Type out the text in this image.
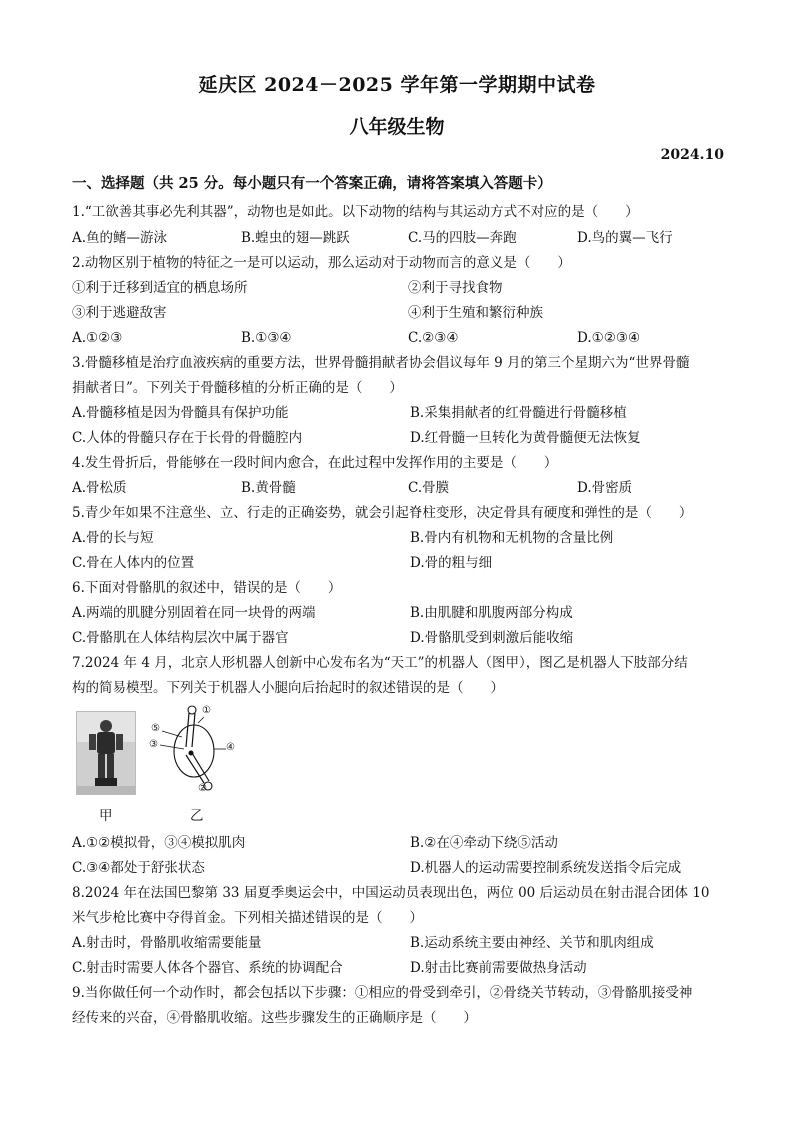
延庆区 2024－2025 学年第一学期期中试卷
八年级生物
2024.10
一、选择题（共 25 分。每小题只有一个答案正确，请将答案填入答题卡）
1.“工欲善其事必先利其器”，动物也是如此。以下动物的结构与其运动方式不对应的是（　　）
A.鱼的鳍—游泳	B.蝗虫的翅—跳跃	C.马的四肢—奔跑	D.鸟的翼—飞行
2.动物区别于植物的特征之一是可以运动，那么运动对于动物而言的意义是（　　）
①利于迁移到适宜的栖息场所	②利于寻找食物
③利于逃避敌害	④利于生殖和繁衍种族
A.①②③	B.①③④	C.②③④	D.①②③④
3.骨髓移植是治疗血液疾病的重要方法，世界骨髓捐献者协会倡议每年 9 月的第三个星期六为“世界骨髓
捐献者日”。下列关于骨髓移植的分析正确的是（　　）
A.骨髓移植是因为骨髓具有保护功能	B.采集捐献者的红骨髓进行骨髓移植
C.人体的骨髓只存在于长骨的骨髓腔内	D.红骨髓一旦转化为黄骨髓便无法恢复
4.发生骨折后，骨能够在一段时间内愈合，在此过程中发挥作用的主要是（　　）
A.骨松质	B.黄骨髓	C.骨膜	D.骨密质
5.青少年如果不注意坐、立、行走的正确姿势，就会引起脊柱变形，决定骨具有硬度和弹性的是（　　）
A.骨的长与短	B.骨内有机物和无机物的含量比例
C.骨在人体内的位置	D.骨的粗与细
6.下面对骨骼肌的叙述中，错误的是（　　）
A.两端的肌腱分别固着在同一块骨的两端	B.由肌腱和肌腹两部分构成
C.骨骼肌在人体结构层次中属于器官	D.骨骼肌受到刺激后能收缩
7.2024 年 4 月，北京人形机器人创新中心发布名为“天工”的机器人（图甲），图乙是机器人下肢部分结
构的简易模型。下列关于机器人小腿向后抬起时的叙述错误的是（　　）
⑤
③	④
①
②
甲	乙
A.①②模拟骨，③④模拟肌肉	B.②在④牵动下绕⑤活动
C.③④都处于舒张状态	D.机器人的运动需要控制系统发送指令后完成
8.2024 年在法国巴黎第 33 届夏季奥运会中，中国运动员表现出色，两位 00 后运动员在射击混合团体 10
米气步枪比赛中夺得首金。下列相关描述错误的是（　　）
A.射击时，骨骼肌收缩需要能量	B.运动系统主要由神经、关节和肌肉组成
C.射击时需要人体各个器官、系统的协调配合	D.射击比赛前需要做热身活动
9.当你做任何一个动作时，都会包括以下步骤：①相应的骨受到牵引，②骨绕关节转动，③骨骼肌接受神
经传来的兴奋，④骨骼肌收缩。这些步骤发生的正确顺序是（　　）
